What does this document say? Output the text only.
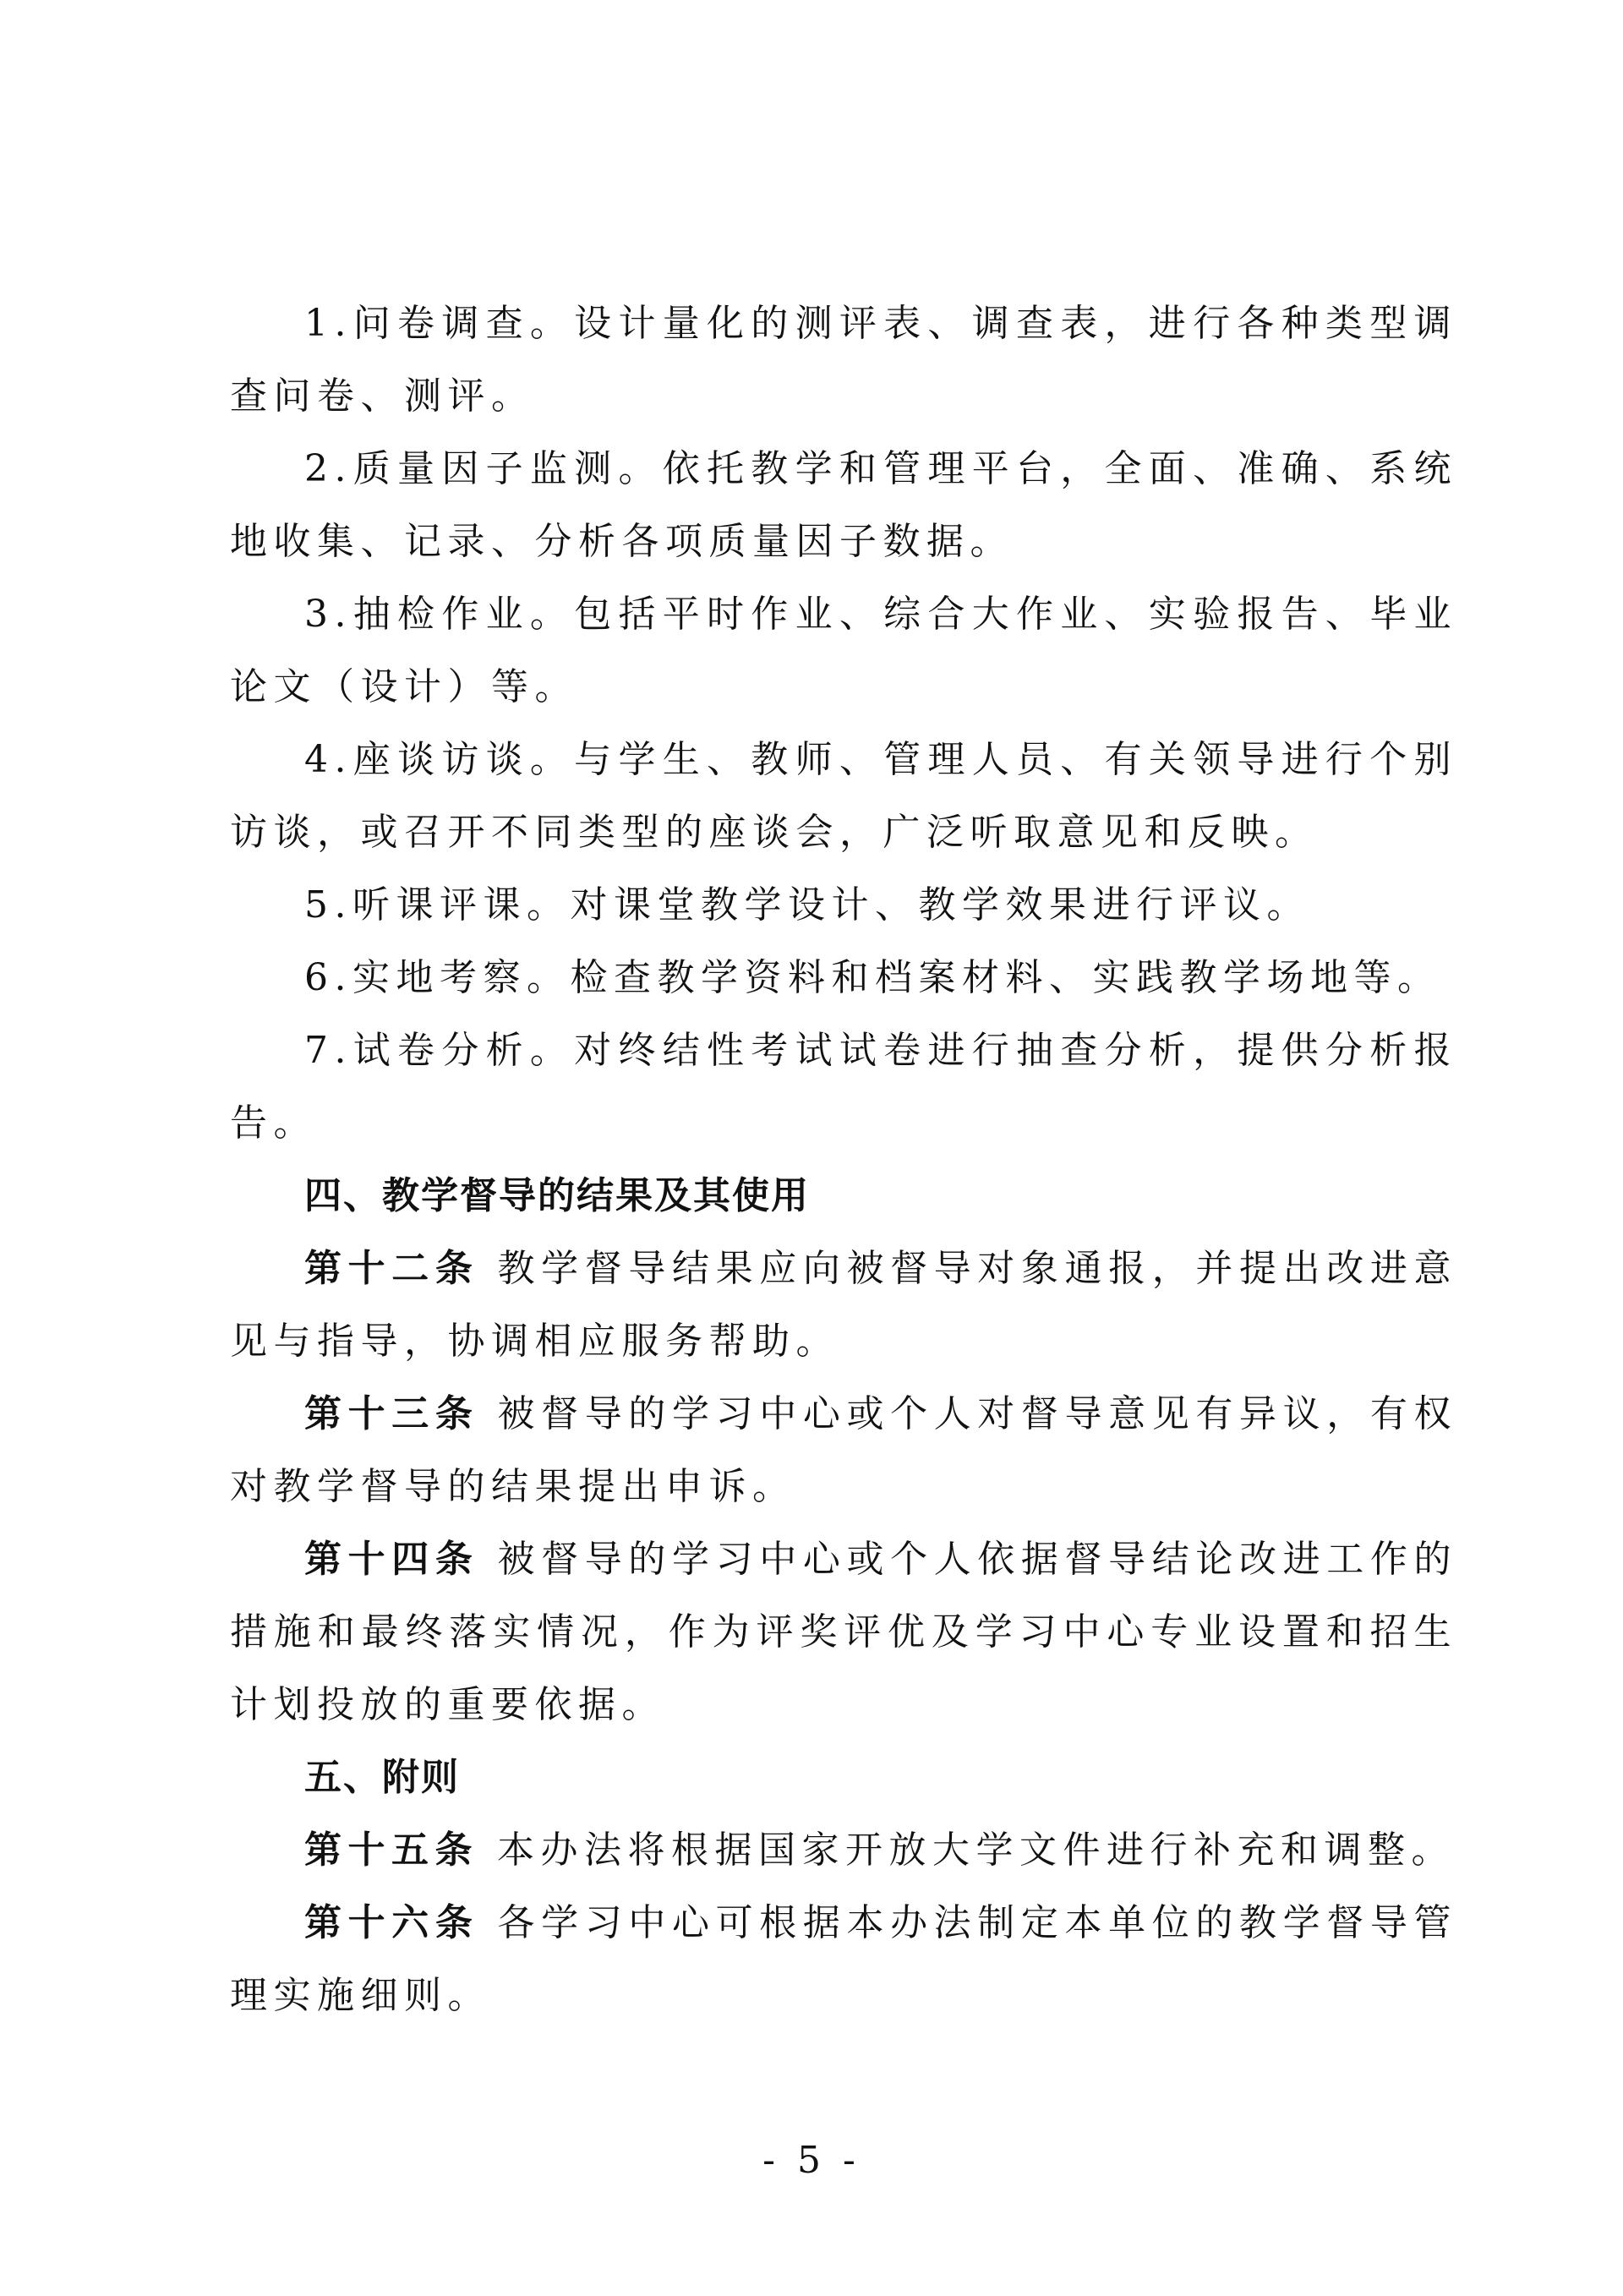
1.问卷调查。设计量化的测评表、调查表，进行各种类型调查问卷、测评。

2.质量因子监测。依托教学和管理平台，全面、准确、系统地收集、记录、分析各项质量因子数据。

3.抽检作业。包括平时作业、综合大作业、实验报告、毕业论文（设计）等。

4.座谈访谈。与学生、教师、管理人员、有关领导进行个别访谈，或召开不同类型的座谈会，广泛听取意见和反映。

5.听课评课。对课堂教学设计、教学效果进行评议。

6.实地考察。检查教学资料和档案材料、实践教学场地等。

7.试卷分析。对终结性考试试卷进行抽查分析，提供分析报告。

四、教学督导的结果及其使用

第十二条 教学督导结果应向被督导对象通报，并提出改进意见与指导，协调相应服务帮助。

第十三条 被督导的学习中心或个人对督导意见有异议，有权对教学督导的结果提出申诉。

第十四条 被督导的学习中心或个人依据督导结论改进工作的措施和最终落实情况，作为评奖评优及学习中心专业设置和招生计划投放的重要依据。

五、附则

第十五条 本办法将根据国家开放大学文件进行补充和调整。

第十六条 各学习中心可根据本办法制定本单位的教学督导管理实施细则。

- 5 -
